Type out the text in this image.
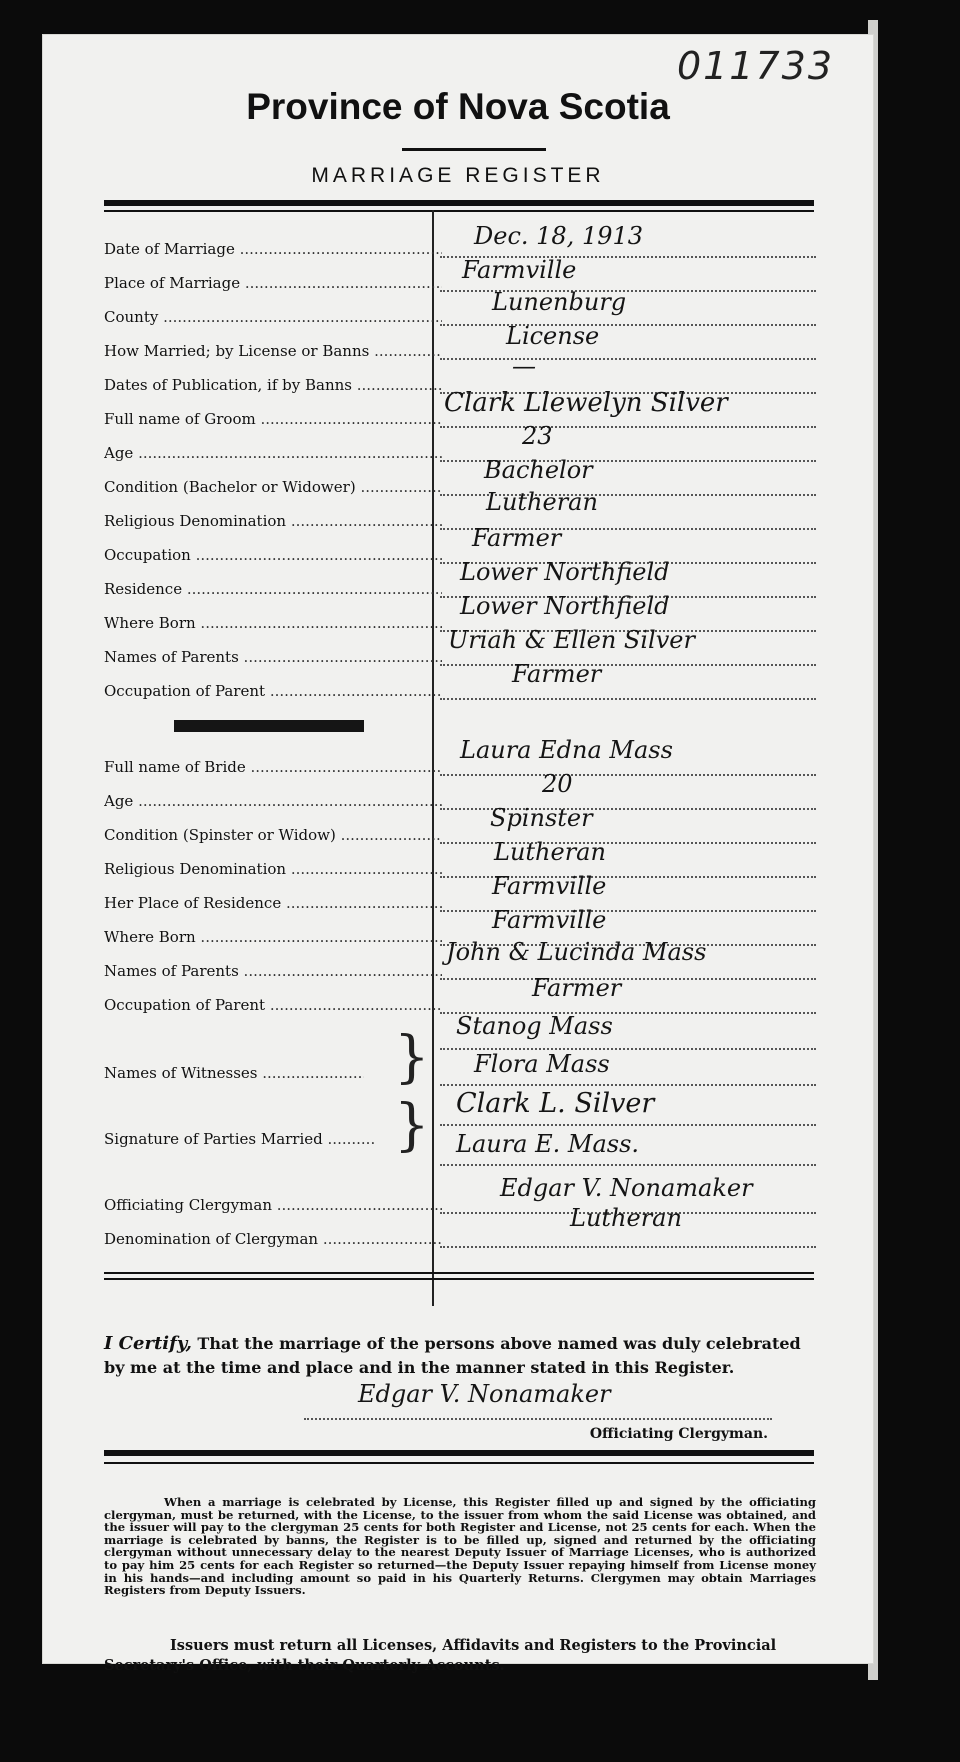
011733
Province of Nova Scotia
MARRIAGE REGISTER
Date of Marriage .....	Dec. 18, 1913
Place of Marriage .....	Farmville
County .....
Lunenburg
How Married; by License or Banns .....
License
Dates of Publication, if by Banns .....
—
Full name of Groom .....
Clark Llewelyn Silver
Age .....
23
Condition (Bachelor or Widower) .....
Bachelor
Religious Denomination .....
Lutheran
Occupation .....
Farmer
Residence .....
Lower Northfield
Where Born .....
Lower Northfield
Names of Parents .....
Uriah & Ellen Silver
Occupation of Parent .....
Farmer
Full name of Bride .....
Laura Edna Mass
Age .....
20
Condition (Spinster or Widow) .....
Spinster
Religious Denomination .....
Lutheran
Her Place of Residence .....
Farmville
Where Born .....
Farmville
Names of Parents .....
John & Lucinda Mass
Occupation of Parent .....
Farmer
Names of Witnesses .....	} Stanog Mass
Flora Mass
Signature of Parties Married .....	} Clark L. Silver
Laura E. Mass.
Officiating Clergyman .....
Edgar V. Nonamaker
Denomination of Clergyman .....
Lutheran
I Certify, That the marriage of the persons above named was duly celebrated by me at the time and place and in the manner stated in this Register.
Edgar V. Nonamaker
Officiating Clergyman.
When a marriage is celebrated by License, this Register filled up and signed by the officiating clergyman, must be returned, with the License, to the issuer from whom the said License was obtained, and the issuer will pay to the clergyman 25 cents for both Register and License, not 25 cents for each. When the marriage is celebrated by banns, the Register is to be filled up, signed and returned by the officiating clergyman without unnecessary delay to the nearest Deputy Issuer of Marriage Licenses, who is authorized to pay him 25 cents for each Register so returned—the Deputy Issuer repaying himself from License money in his hands—and including amount so paid in his Quarterly Returns. Clergymen may obtain Marriages Registers from Deputy Issuers.
Issuers must return all Licenses, Affidavits and Registers to the Provincial Secretary's Office, with their Quarterly Accounts.
